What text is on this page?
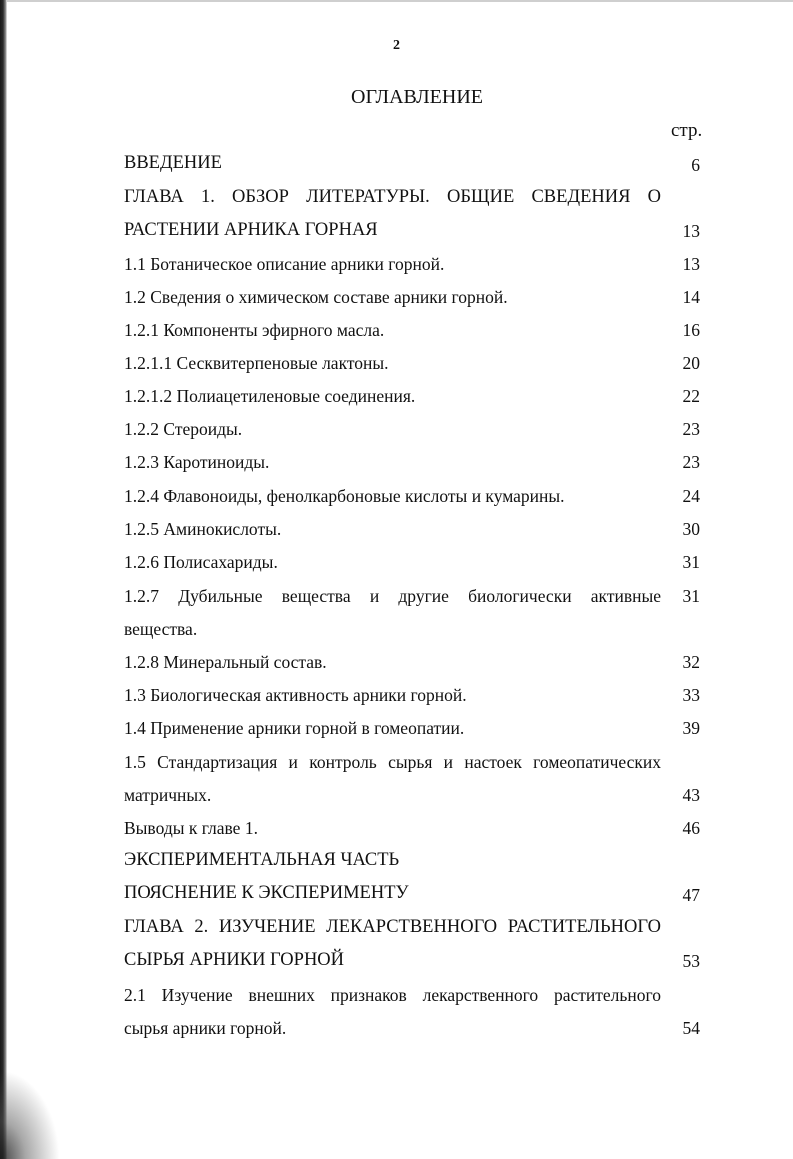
2
ОГЛАВЛЕНИЕ
стр.
ВВЕДЕНИЕ	6
ГЛАВА 1. ОБЗОР ЛИТЕРАТУРЫ. ОБЩИЕ СВЕДЕНИЯ О
РАСТЕНИИ АРНИКА ГОРНАЯ	13
1.1 Ботаническое описание арники горной.	13
1.2 Сведения о химическом составе арники горной.	14
1.2.1 Компоненты эфирного масла.	16
1.2.1.1 Сесквитерпеновые лактоны.	20
1.2.1.2 Полиацетиленовые соединения.	22
1.2.2 Стероиды.	23
1.2.3 Каротиноиды.	23
1.2.4 Флавоноиды, фенолкарбоновые кислоты и кумарины.	24
1.2.5 Аминокислоты.	30
1.2.6 Полисахариды.	31
1.2.7 Дубильные вещества и другие биологически активные	31
вещества.
1.2.8 Минеральный состав.	32
1.3 Биологическая активность арники горной.	33
1.4 Применение арники горной в гомеопатии.	39
1.5 Стандартизация и контроль сырья и настоек гомеопатических
матричных.	43
Выводы к главе 1.	46
ЭКСПЕРИМЕНТАЛЬНАЯ ЧАСТЬ
ПОЯСНЕНИЕ К ЭКСПЕРИМЕНТУ	47
ГЛАВА 2. ИЗУЧЕНИЕ ЛЕКАРСТВЕННОГО РАСТИТЕЛЬНОГО
СЫРЬЯ АРНИКИ ГОРНОЙ	53
2.1 Изучение внешних признаков лекарственного растительного
сырья арники горной.	54
